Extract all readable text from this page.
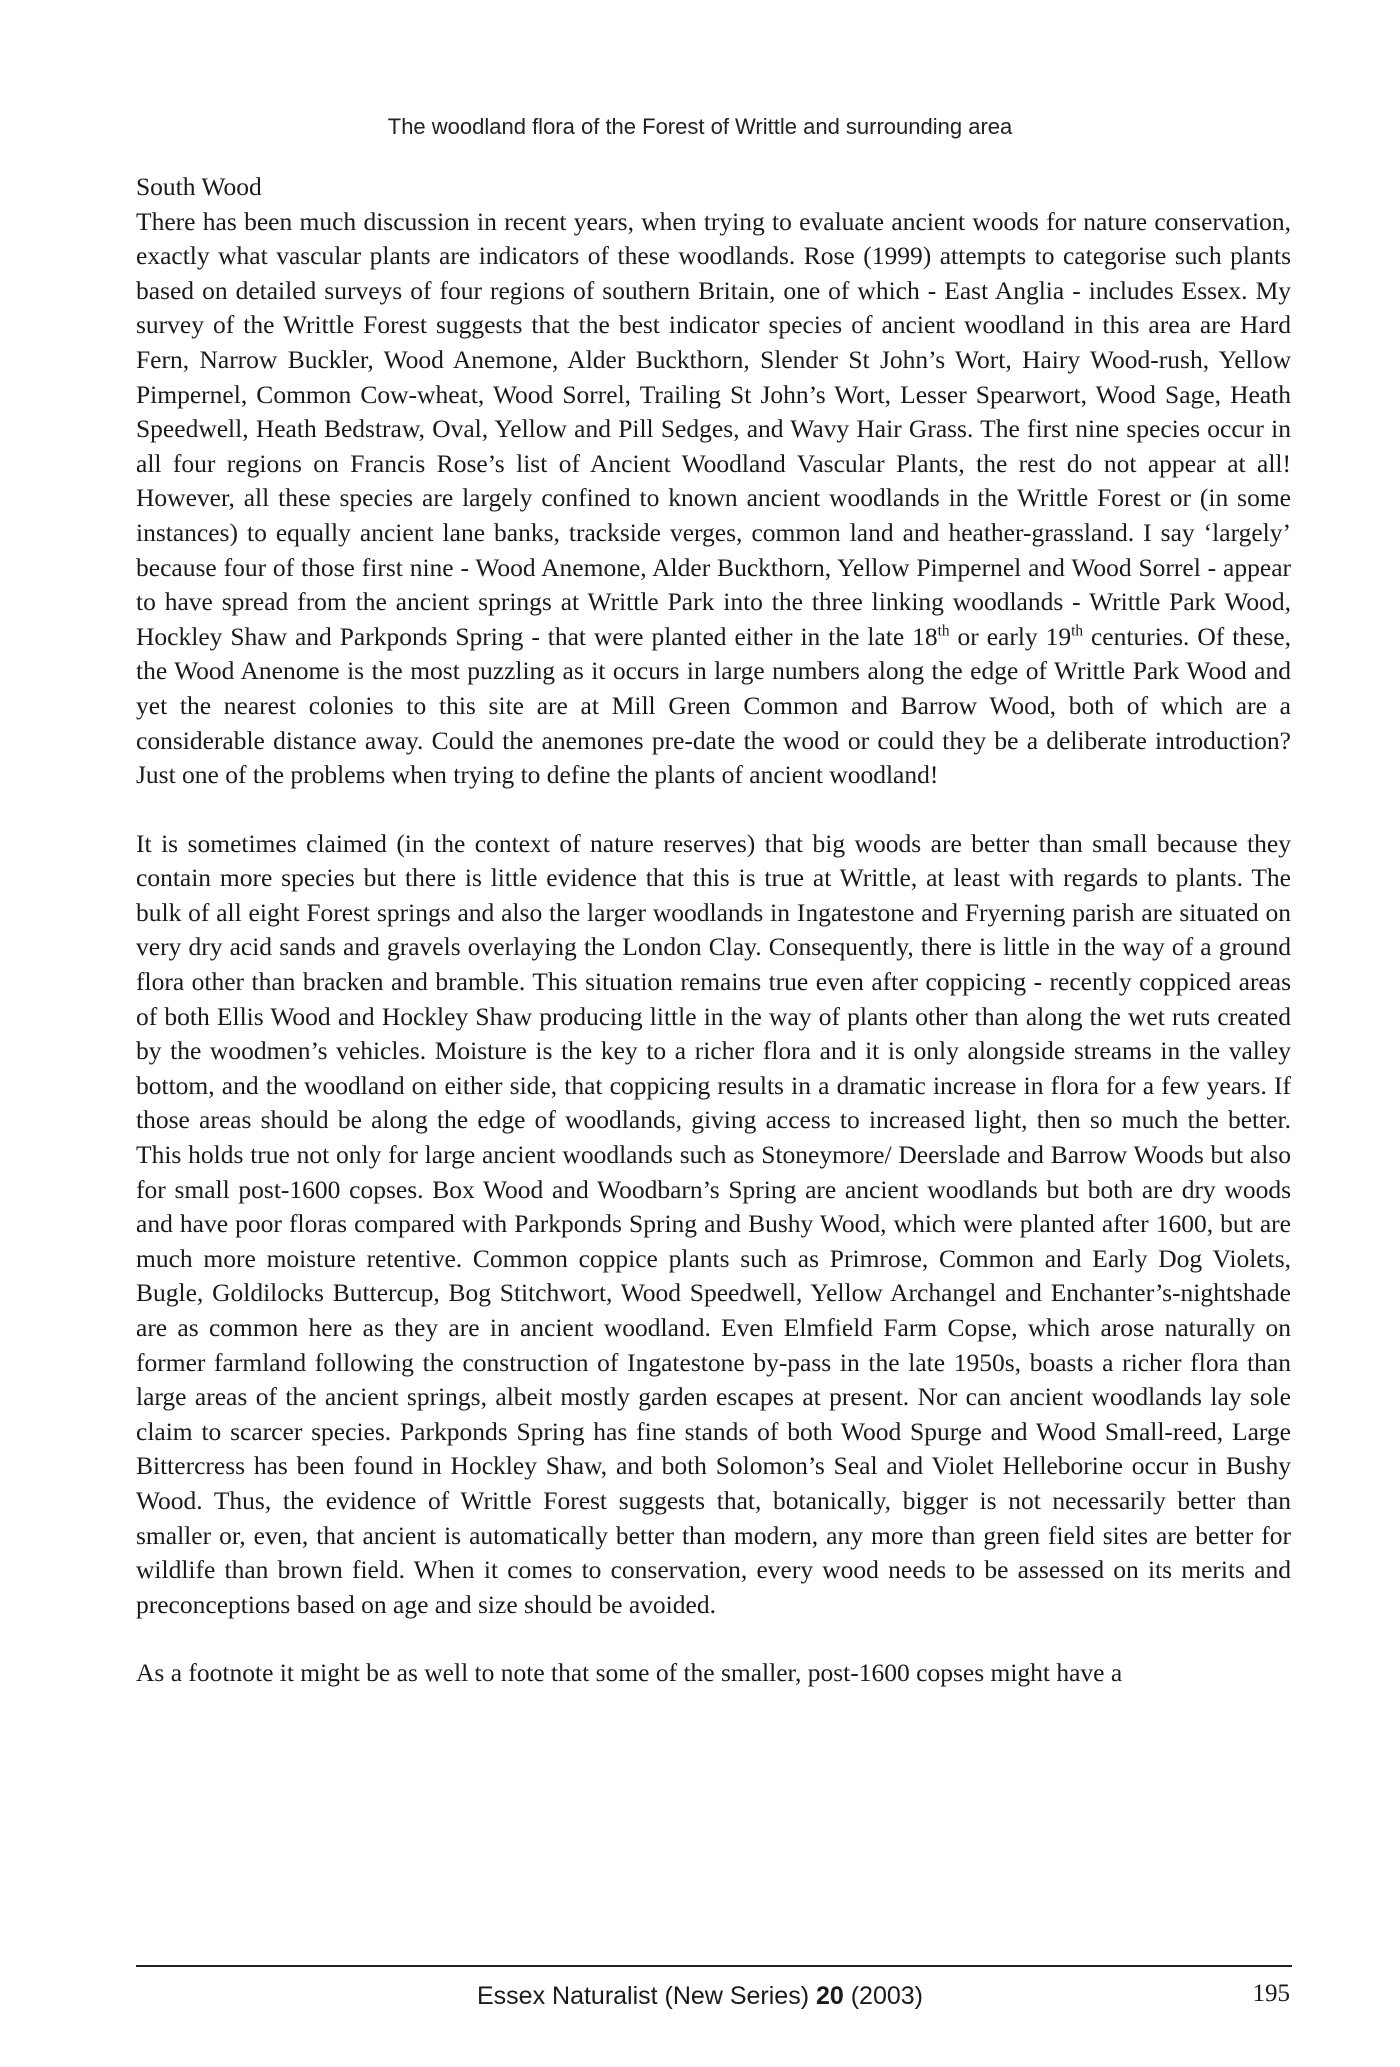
The woodland flora of the Forest of Writtle and surrounding area

South Wood

There has been much discussion in recent years, when trying to evaluate ancient woods for nature conservation, exactly what vascular plants are indicators of these woodlands. Rose (1999) attempts to categorise such plants based on detailed surveys of four regions of southern Britain, one of which - East Anglia - includes Essex. My survey of the Writtle Forest suggests that the best indicator species of ancient woodland in this area are Hard Fern, Narrow Buckler, Wood Anemone, Alder Buckthorn, Slender St John’s Wort, Hairy Wood-rush, Yellow Pimpernel, Common Cow-wheat, Wood Sorrel, Trailing St John’s Wort, Lesser Spearwort, Wood Sage, Heath Speedwell, Heath Bedstraw, Oval, Yellow and Pill Sedges, and Wavy Hair Grass. The first nine species occur in all four regions on Francis Rose’s list of Ancient Woodland Vascular Plants, the rest do not appear at all! However, all these species are largely confined to known ancient woodlands in the Writtle Forest or (in some instances) to equally ancient lane banks, trackside verges, common land and heather-grassland. I say ‘largely’ because four of those first nine - Wood Anemone, Alder Buckthorn, Yellow Pimpernel and Wood Sorrel - appear to have spread from the ancient springs at Writtle Park into the three linking woodlands - Writtle Park Wood, Hockley Shaw and Parkponds Spring - that were planted either in the late 18th or early 19th centuries. Of these, the Wood Anenome is the most puzzling as it occurs in large numbers along the edge of Writtle Park Wood and yet the nearest colonies to this site are at Mill Green Common and Barrow Wood, both of which are a considerable distance away. Could the anemones pre-date the wood or could they be a deliberate introduction? Just one of the problems when trying to define the plants of ancient woodland!

It is sometimes claimed (in the context of nature reserves) that big woods are better than small because they contain more species but there is little evidence that this is true at Writtle, at least with regards to plants. The bulk of all eight Forest springs and also the larger woodlands in Ingatestone and Fryerning parish are situated on very dry acid sands and gravels overlaying the London Clay. Consequently, there is little in the way of a ground flora other than bracken and bramble. This situation remains true even after coppicing - recently coppiced areas of both Ellis Wood and Hockley Shaw producing little in the way of plants other than along the wet ruts created by the woodmen’s vehicles. Moisture is the key to a richer flora and it is only alongside streams in the valley bottom, and the woodland on either side, that coppicing results in a dramatic increase in flora for a few years. If those areas should be along the edge of woodlands, giving access to increased light, then so much the better. This holds true not only for large ancient woodlands such as Stoneymore/ Deerslade and Barrow Woods but also for small post-1600 copses. Box Wood and Woodbarn’s Spring are ancient woodlands but both are dry woods and have poor floras compared with Parkponds Spring and Bushy Wood, which were planted after 1600, but are much more moisture retentive. Common coppice plants such as Primrose, Common and Early Dog Violets, Bugle, Goldilocks Buttercup, Bog Stitchwort, Wood Speedwell, Yellow Archangel and Enchanter’s-nightshade are as common here as they are in ancient woodland. Even Elmfield Farm Copse, which arose naturally on former farmland following the construction of Ingatestone by-pass in the late 1950s, boasts a richer flora than large areas of the ancient springs, albeit mostly garden escapes at present. Nor can ancient woodlands lay sole claim to scarcer species. Parkponds Spring has fine stands of both Wood Spurge and Wood Small-reed, Large Bittercress has been found in Hockley Shaw, and both Solomon’s Seal and Violet Helleborine occur in Bushy Wood. Thus, the evidence of Writtle Forest suggests that, botanically, bigger is not necessarily better than smaller or, even, that ancient is automatically better than modern, any more than green field sites are better for wildlife than brown field. When it comes to conservation, every wood needs to be assessed on its merits and preconceptions based on age and size should be avoided.

As a footnote it might be as well to note that some of the smaller, post-1600 copses might have a

Essex Naturalist (New Series) 20 (2003)	195
